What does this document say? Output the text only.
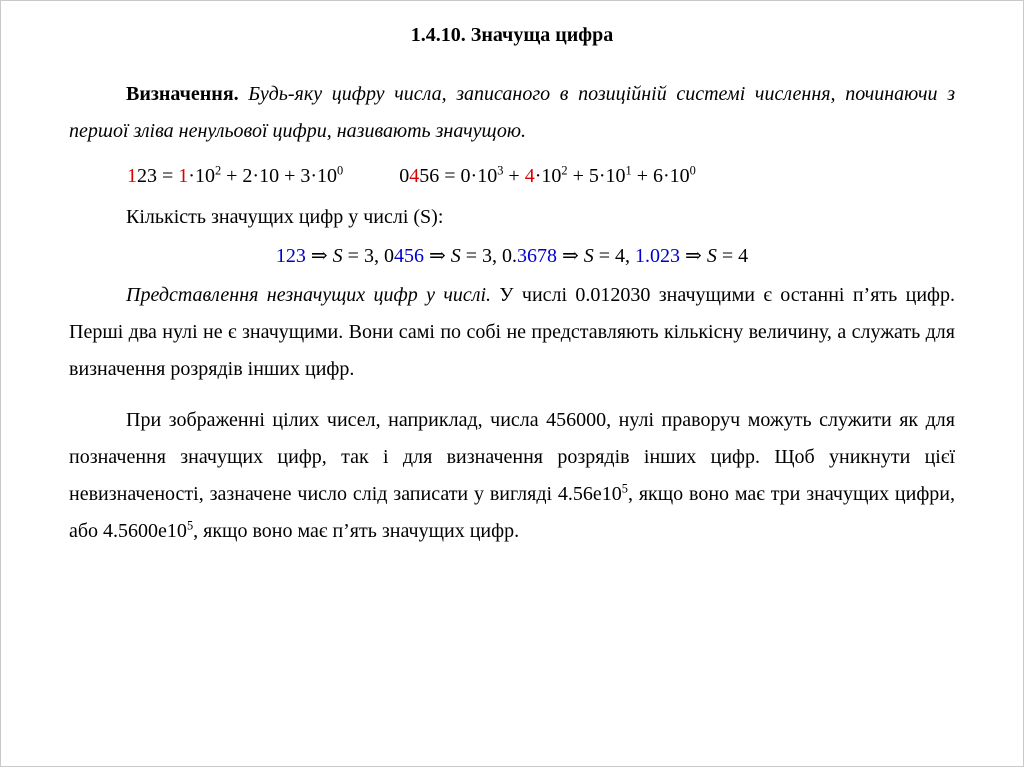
1.4.10. Значуща цифра

Визначення. Будь-яку цифру числа, записаного в позиційній системі числення, починаючи з першої зліва ненульової цифри, називають значущою.

$123 = 1\cdot 10^2 + 2\cdot 10 + 3\cdot 10^0$	$0456 = 0\cdot 10^3 + 4\cdot 10^2 + 5\cdot 10^1 + 6\cdot 10^0$

Кількість значущих цифр у числі (S):

123 ⇒ S = 3, 0456 ⇒ S = 3, 0.3678 ⇒ S = 4, 1.023 ⇒ S = 4

Представлення незначущих цифр у числі. У числі 0.012030 значущими є останні п’ять цифр. Перші два нулі не є значущими. Вони самі по собі не представляють кількісну величину, а служать для визначення розрядів інших цифр.

При зображенні цілих чисел, наприклад, числа 456000, нулі праворуч можуть служити як для позначення значущих цифр, так і для визначення розрядів інших цифр. Щоб уникнути цієї невизначеності, зазначене число слід записати у вигляді $4.56e10^5$, якщо воно має три значущих цифри, або $4.5600e10^5$, якщо воно має п’ять значущих цифр.
